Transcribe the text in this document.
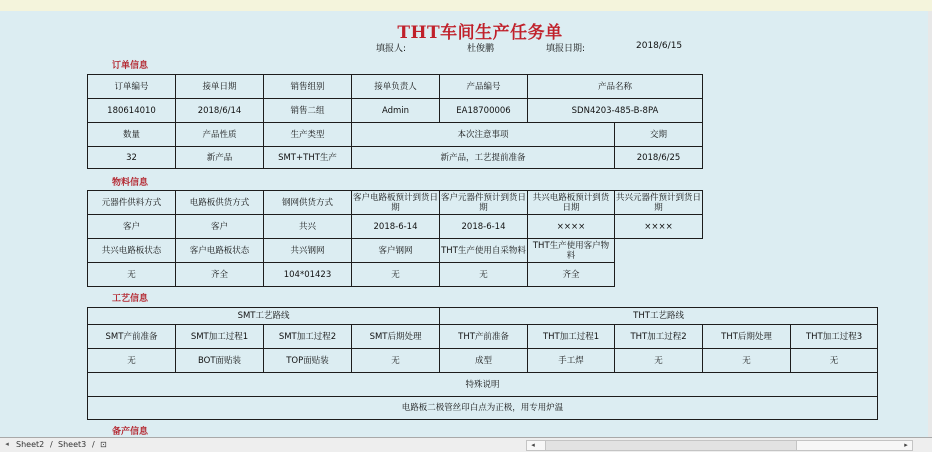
THT车间生产任务单
填报人:	杜俊鹏	填报日期:	2018/6/15
订单信息
订单编号	接单日期	销售组别	接单负责人	产品编号	产品名称	
180614010	2018/6/14	销售二组	Admin	EA18700006	SDN4203-485-B-8PA	
数量	产品性质	生产类型	本次注意事项			交期
32	新产品	SMT+THT生产	新产品，工艺提前准备			2018/6/25
物料信息
元器件供料方式	电路板供货方式	钢网供货方式	客户电路板预计到货日期	客户元器件预计到货日期	共兴电路板预计到货日期	共兴元器件预计到货日期
客户	客户	共兴	2018-6-14	2018-6-14	××××	××××
共兴电路板状态	客户电路板状态	共兴钢网	客户钢网	THT生产使用自采物料	THT生产使用客户物料	
无	齐全	104*01423	无	无	齐全	
工艺信息
SMT工艺路线				THT工艺路线				
SMT产前准备	SMT加工过程1	SMT加工过程2	SMT后期处理	THT产前准备	THT加工过程1	THT加工过程2	THT后期处理	THT加工过程3
无	BOT面贴装	TOP面贴装	无	成型	手工焊	无	无	无
特殊说明								
电路板二极管丝印白点为正极，用专用炉温								
备产信息
◂ Sheet2 / Sheet3 / ⊡	◂	▸
